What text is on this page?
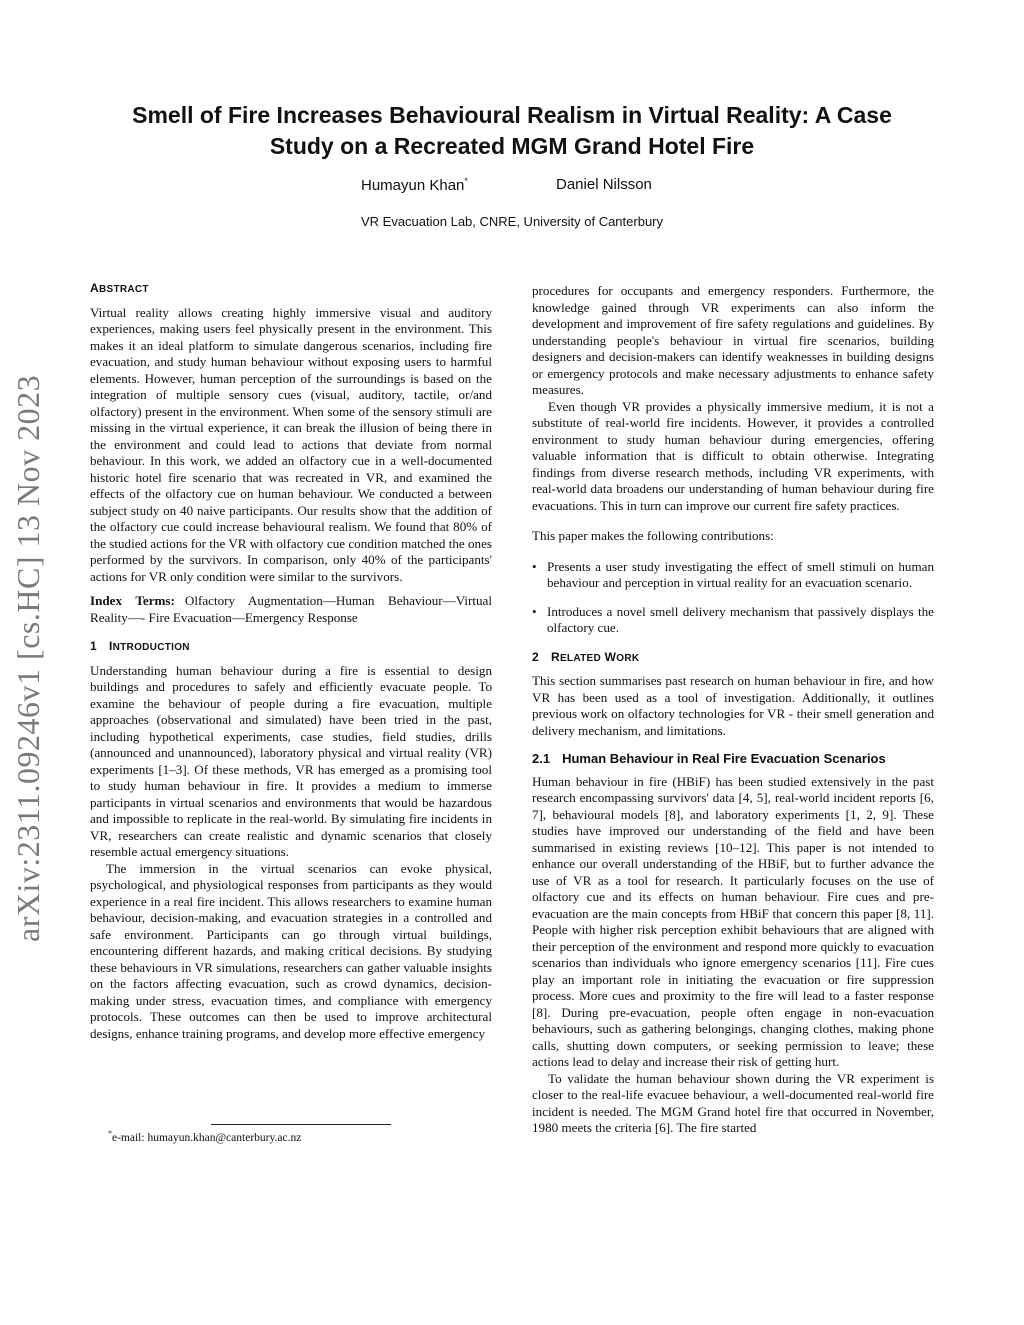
Smell of Fire Increases Behavioural Realism in Virtual Reality: A Case Study on a Recreated MGM Grand Hotel Fire
Humayun Khan*	Daniel Nilsson
VR Evacuation Lab, CNRE, University of Canterbury
arXiv:2311.09246v1 [cs.HC] 13 Nov 2023
ABSTRACT

Virtual reality allows creating highly immersive visual and auditory experiences, making users feel physically present in the environment. This makes it an ideal platform to simulate dangerous scenarios, including fire evacuation, and study human behaviour without exposing users to harmful elements. However, human perception of the surroundings is based on the integration of multiple sensory cues (visual, auditory, tactile, or/and olfactory) present in the environment. When some of the sensory stimuli are missing in the virtual experience, it can break the illusion of being there in the environment and could lead to actions that deviate from normal behaviour. In this work, we added an olfactory cue in a well-documented historic hotel fire scenario that was recreated in VR, and examined the effects of the olfactory cue on human behaviour. We conducted a between subject study on 40 naive participants. Our results show that the addition of the olfactory cue could increase behavioural realism. We found that 80% of the studied actions for the VR with olfactory cue condition matched the ones performed by the survivors. In comparison, only 40% of the participants' actions for VR only condition were similar to the survivors.

Index Terms: Olfactory Augmentation—Human Behaviour—Virtual Reality—- Fire Evacuation—Emergency Response

1 INTRODUCTION

Understanding human behaviour during a fire is essential to design buildings and procedures to safely and efficiently evacuate people. To examine the behaviour of people during a fire evacuation, multiple approaches (observational and simulated) have been tried in the past, including hypothetical experiments, case studies, field studies, drills (announced and unannounced), laboratory physical and virtual reality (VR) experiments [1–3]. Of these methods, VR has emerged as a promising tool to study human behaviour in fire. It provides a medium to immerse participants in virtual scenarios and environments that would be hazardous and impossible to replicate in the real-world. By simulating fire incidents in VR, researchers can create realistic and dynamic scenarios that closely resemble actual emergency situations.

The immersion in the virtual scenarios can evoke physical, psychological, and physiological responses from participants as they would experience in a real fire incident. This allows researchers to examine human behaviour, decision-making, and evacuation strategies in a controlled and safe environment. Participants can go through virtual buildings, encountering different hazards, and making critical decisions. By studying these behaviours in VR simulations, researchers can gather valuable insights on the factors affecting evacuation, such as crowd dynamics, decision-making under stress, evacuation times, and compliance with emergency protocols. These outcomes can then be used to improve architectural designs, enhance training programs, and develop more effective emergency

*e-mail: humayun.khan@canterbury.ac.nz

procedures for occupants and emergency responders. Furthermore, the knowledge gained through VR experiments can also inform the development and improvement of fire safety regulations and guidelines. By understanding people's behaviour in virtual fire scenarios, building designers and decision-makers can identify weaknesses in building designs or emergency protocols and make necessary adjustments to enhance safety measures.

Even though VR provides a physically immersive medium, it is not a substitute of real-world fire incidents. However, it provides a controlled environment to study human behaviour during emergencies, offering valuable information that is difficult to obtain otherwise. Integrating findings from diverse research methods, including VR experiments, with real-world data broadens our understanding of human behaviour during fire evacuations. This in turn can improve our current fire safety practices.

This paper makes the following contributions:

• Presents a user study investigating the effect of smell stimuli on human behaviour and perception in virtual reality for an evacuation scenario.
• Introduces a novel smell delivery mechanism that passively displays the olfactory cue.
2 RELATED WORK

This section summarises past research on human behaviour in fire, and how VR has been used as a tool of investigation. Additionally, it outlines previous work on olfactory technologies for VR - their smell generation and delivery mechanism, and limitations.

2.1 Human Behaviour in Real Fire Evacuation Scenarios

Human behaviour in fire (HBiF) has been studied extensively in the past research encompassing survivors' data [4, 5], real-world incident reports [6, 7], behavioural models [8], and laboratory experiments [1, 2, 9]. These studies have improved our understanding of the field and have been summarised in existing reviews [10–12]. This paper is not intended to enhance our overall understanding of the HBiF, but to further advance the use of VR as a tool for research. It particularly focuses on the use of olfactory cue and its effects on human behaviour. Fire cues and pre-evacuation are the main concepts from HBiF that concern this paper [8, 11]. People with higher risk perception exhibit behaviours that are aligned with their perception of the environment and respond more quickly to evacuation scenarios than individuals who ignore emergency scenarios [11]. Fire cues play an important role in initiating the evacuation or fire suppression process. More cues and proximity to the fire will lead to a faster response [8]. During pre-evacuation, people often engage in non-evacuation behaviours, such as gathering belongings, changing clothes, making phone calls, shutting down computers, or seeking permission to leave; these actions lead to delay and increase their risk of getting hurt.

To validate the human behaviour shown during the VR experiment is closer to the real-life evacuee behaviour, a well-documented real-world fire incident is needed. The MGM Grand hotel fire that occurred in November, 1980 meets the criteria [6]. The fire started
